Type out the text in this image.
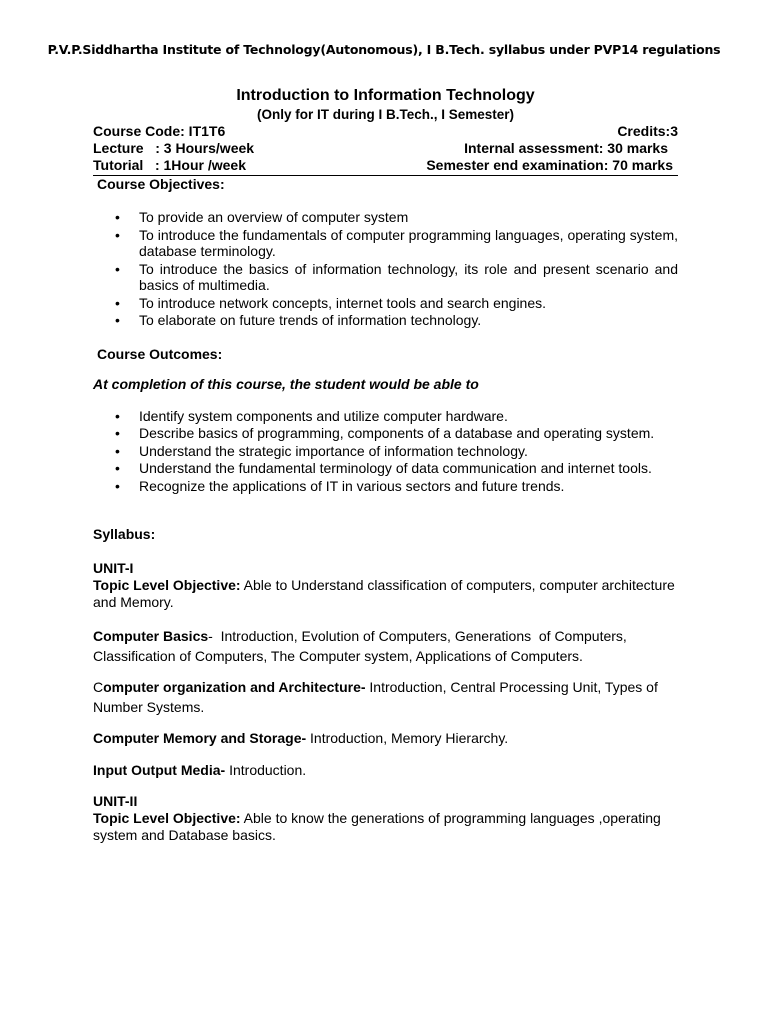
P.V.P.Siddhartha Institute of Technology(Autonomous), I B.Tech. syllabus under PVP14 regulations

Introduction to Information Technology

(Only for IT during I B.Tech., I Semester)

Course Code: IT1T6	Credits:3
Lecture   : 3 Hours/week	Internal assessment: 30 marks
Tutorial   : 1Hour /week	Semester end examination: 70 marks
Course Objectives:
• To provide an overview of computer system
• To introduce the fundamentals of computer programming languages, operating system,   database terminology.
• To introduce the basics of information technology, its role and present scenario and basics of multimedia.
• To introduce network concepts, internet tools and search engines.
• To elaborate on future trends of information technology.
Course Outcomes:
At completion of this course, the student would be able to
• Identify system components and utilize computer hardware.
• Describe basics of programming, components of a database and operating system.
• Understand the strategic importance of information technology.
• Understand the fundamental terminology of data communication and internet tools.
• Recognize the applications of IT in various sectors and future trends.
Syllabus:
UNIT-I
Topic Level Objective: Able to Understand classification of computers, computer architecture and Memory.
Computer Basics-  Introduction, Evolution of Computers, Generations  of Computers, Classification of Computers, The Computer system, Applications of Computers.
Computer organization and Architecture- Introduction, Central Processing Unit, Types of Number Systems.
Computer Memory and Storage- Introduction, Memory Hierarchy.
Input Output Media- Introduction.
UNIT-II
Topic Level Objective: Able to know the generations of programming languages ,operating system and Database basics.
